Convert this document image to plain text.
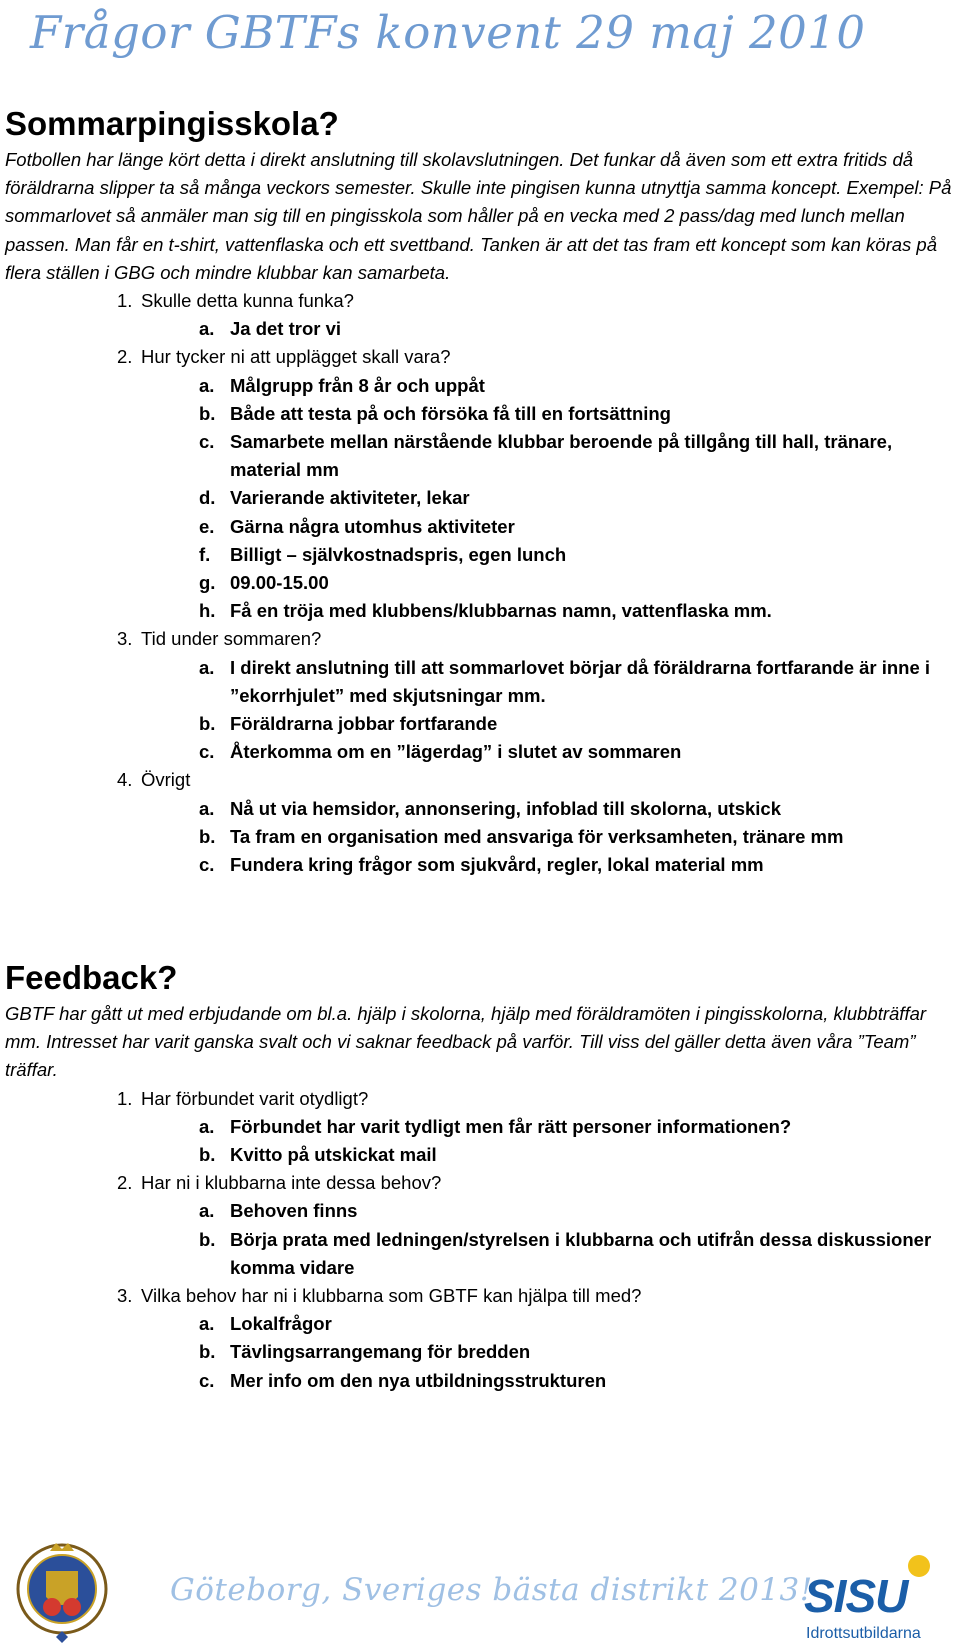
Frågor GBTFs konvent 29 maj 2010
Sommarpingisskola?

Fotbollen har länge kört detta i direkt anslutning till skolavslutningen. Det funkar då även som ett extra fritids då föräldrarna slipper ta så många veckors semester. Skulle inte pingisen kunna utnyttja samma koncept. Exempel: På sommarlovet så anmäler man sig till en pingisskola som håller på en vecka med 2 pass/dag med lunch mellan passen. Man får en t-shirt, vattenflaska och ett svettband. Tanken är att det tas fram ett koncept som kan köras på flera ställen i GBG och mindre klubbar kan samarbeta.

1. Skulle detta kunna funka?
a. Ja det tror vi
2. Hur tycker ni att upplägget skall vara?
a. Målgrupp från 8 år och uppåt
b. Både att testa på och försöka få till en fortsättning
c. Samarbete mellan närstående klubbar beroende på tillgång till hall, tränare, material mm
d. Varierande aktiviteter, lekar
e. Gärna några utomhus aktiviteter
f. Billigt – självkostnadspris, egen lunch
g. 09.00-15.00
h. Få en tröja med klubbens/klubbarnas namn, vattenflaska mm.
3. Tid under sommaren?
a. I direkt anslutning till att sommarlovet börjar då föräldrarna fortfarande är inne i ”ekorrhjulet” med skjutsningar mm.
b. Föräldrarna jobbar fortfarande
c. Återkomma om en ”lägerdag” i slutet av sommaren
4. Övrigt
a. Nå ut via hemsidor, annonsering, infoblad till skolorna, utskick
b. Ta fram en organisation med ansvariga för verksamheten, tränare mm
c. Fundera kring frågor som sjukvård, regler, lokal material mm
Feedback?

GBTF har gått ut med erbjudande om bl.a. hjälp i skolorna, hjälp med föräldramöten i pingisskolorna, klubbträffar mm. Intresset har varit ganska svalt och vi saknar feedback på varför. Till viss del gäller detta även våra ”Team” träffar.

1. Har förbundet varit otydligt?
a. Förbundet har varit tydligt men får rätt personer informationen?
b. Kvitto på utskickat mail
2. Har ni i klubbarna inte dessa behov?
a. Behoven finns
b. Börja prata med ledningen/styrelsen i klubbarna och utifrån dessa diskussioner komma vidare
3. Vilka behov har ni i klubbarna som GBTF kan hjälpa till med?
a. Lokalfrågor
b. Tävlingsarrangemang för bredden
c. Mer info om den nya utbildningsstrukturen
Göteborg, Sveriges bästa distrikt 2013!
SISU
Idrottsutbildarna
